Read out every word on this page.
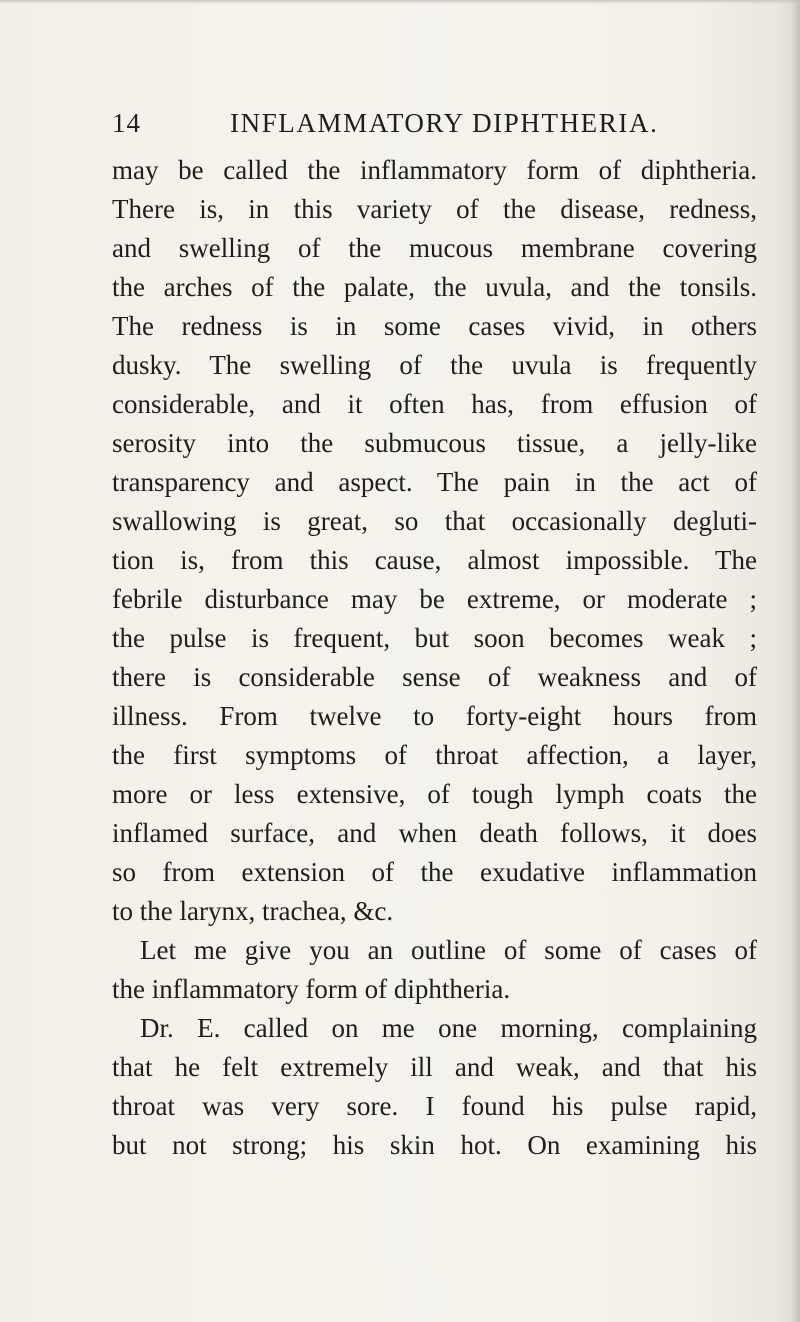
14	INFLAMMATORY DIPHTHERIA.
may be called the inflammatory form of diphtheria.
There is, in this variety of the disease, redness,
and swelling of the mucous membrane covering
the arches of the palate, the uvula, and the tonsils.
The redness is in some cases vivid, in others
dusky. The swelling of the uvula is frequently
considerable, and it often has, from effusion of
serosity into the submucous tissue, a jelly-like
transparency and aspect. The pain in the act of
swallowing is great, so that occasionally degluti-
tion is, from this cause, almost impossible. The
febrile disturbance may be extreme, or moderate ;
the pulse is frequent, but soon becomes weak ;
there is considerable sense of weakness and of
illness. From twelve to forty-eight hours from
the first symptoms of throat affection, a layer,
more or less extensive, of tough lymph coats the
inflamed surface, and when death follows, it does
so from extension of the exudative inflammation
to the larynx, trachea, &c.
Let me give you an outline of some of cases of
the inflammatory form of diphtheria.
Dr. E. called on me one morning, complaining
that he felt extremely ill and weak, and that his
throat was very sore. I found his pulse rapid,
but not strong; his skin hot. On examining his
